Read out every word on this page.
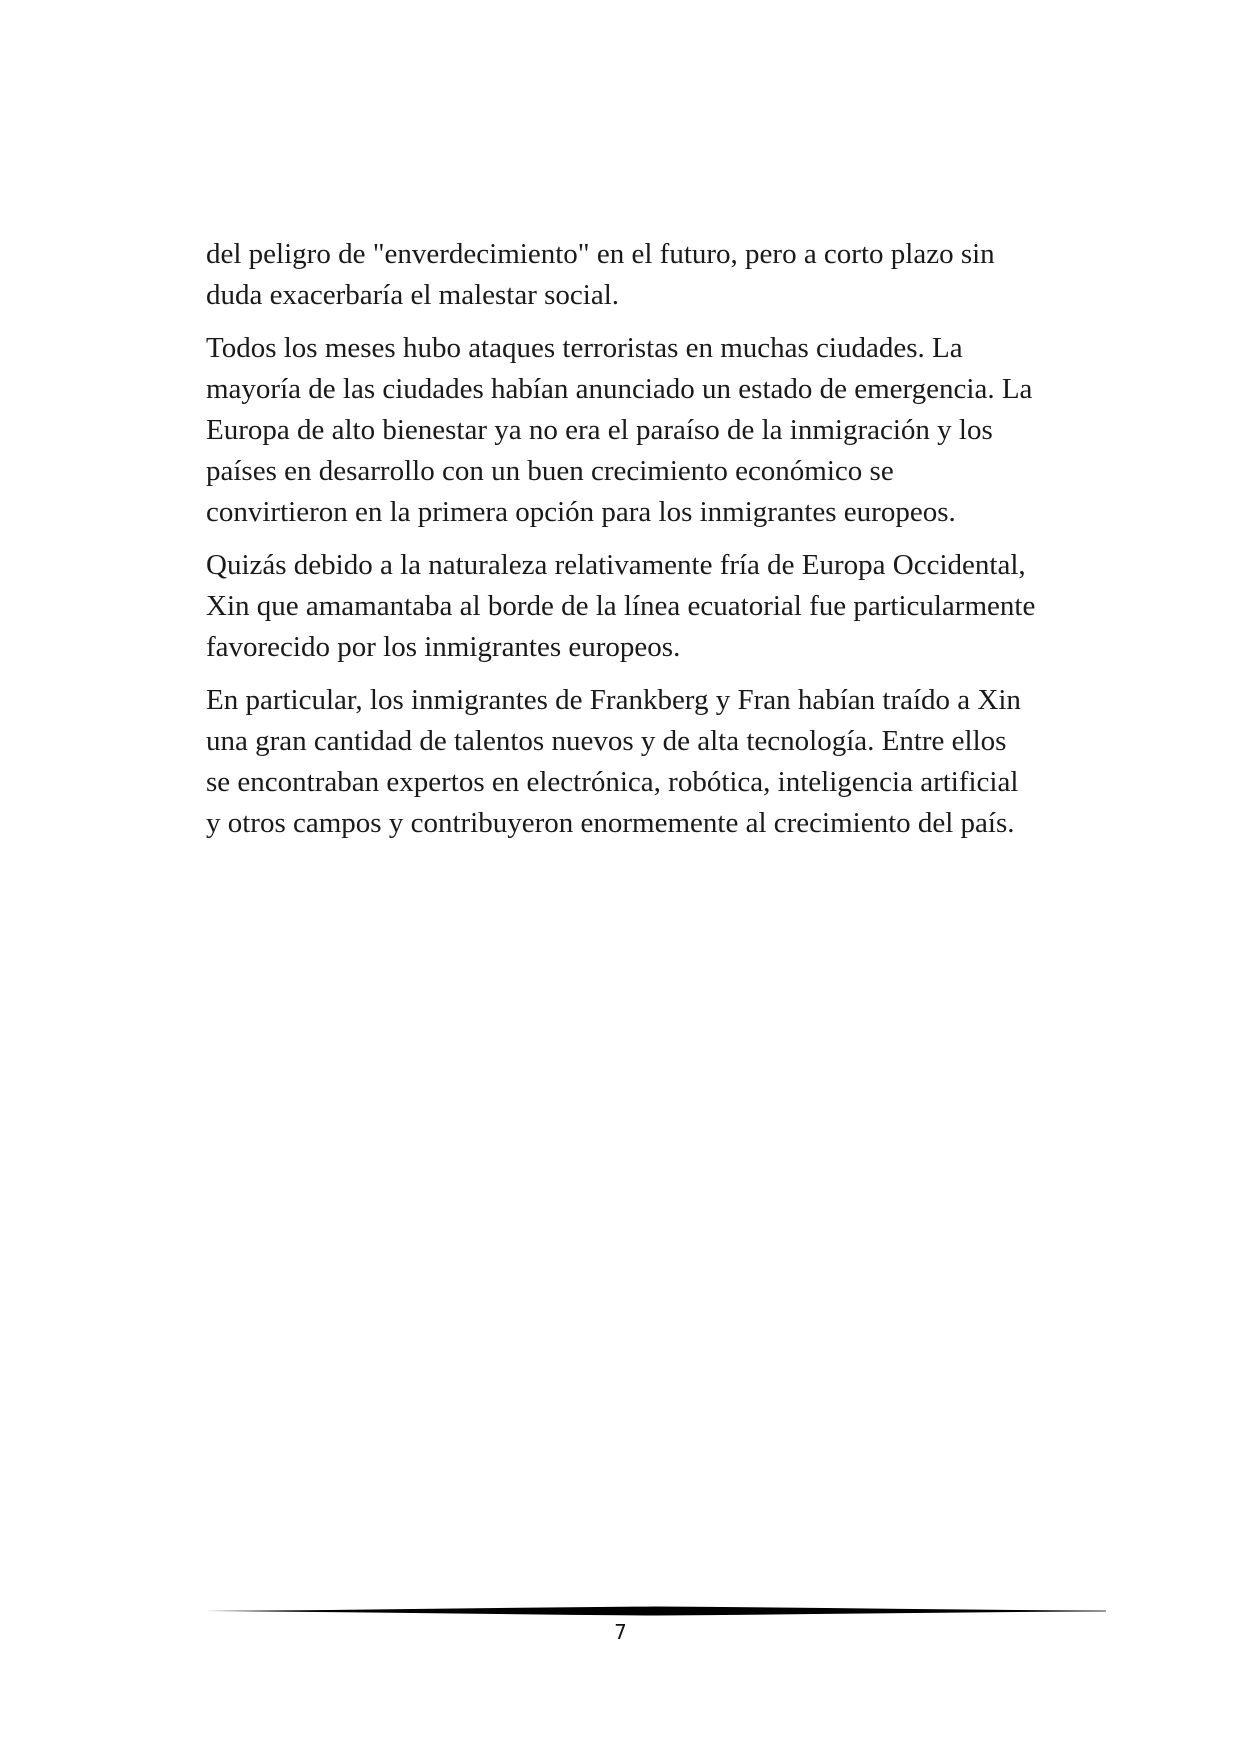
del peligro de "enverdecimiento" en el futuro, pero a corto plazo sin
duda exacerbaría el malestar social.

Todos los meses hubo ataques terroristas en muchas ciudades. La
mayoría de las ciudades habían anunciado un estado de emergencia. La
Europa de alto bienestar ya no era el paraíso de la inmigración y los
países en desarrollo con un buen crecimiento económico se
convirtieron en la primera opción para los inmigrantes europeos.

Quizás debido a la naturaleza relativamente fría de Europa Occidental,
Xin que amamantaba al borde de la línea ecuatorial fue particularmente
favorecido por los inmigrantes europeos.

En particular, los inmigrantes de Frankberg y Fran habían traído a Xin
una gran cantidad de talentos nuevos y de alta tecnología. Entre ellos
se encontraban expertos en electrónica, robótica, inteligencia artificial
y otros campos y contribuyeron enormemente al crecimiento del país.

7
